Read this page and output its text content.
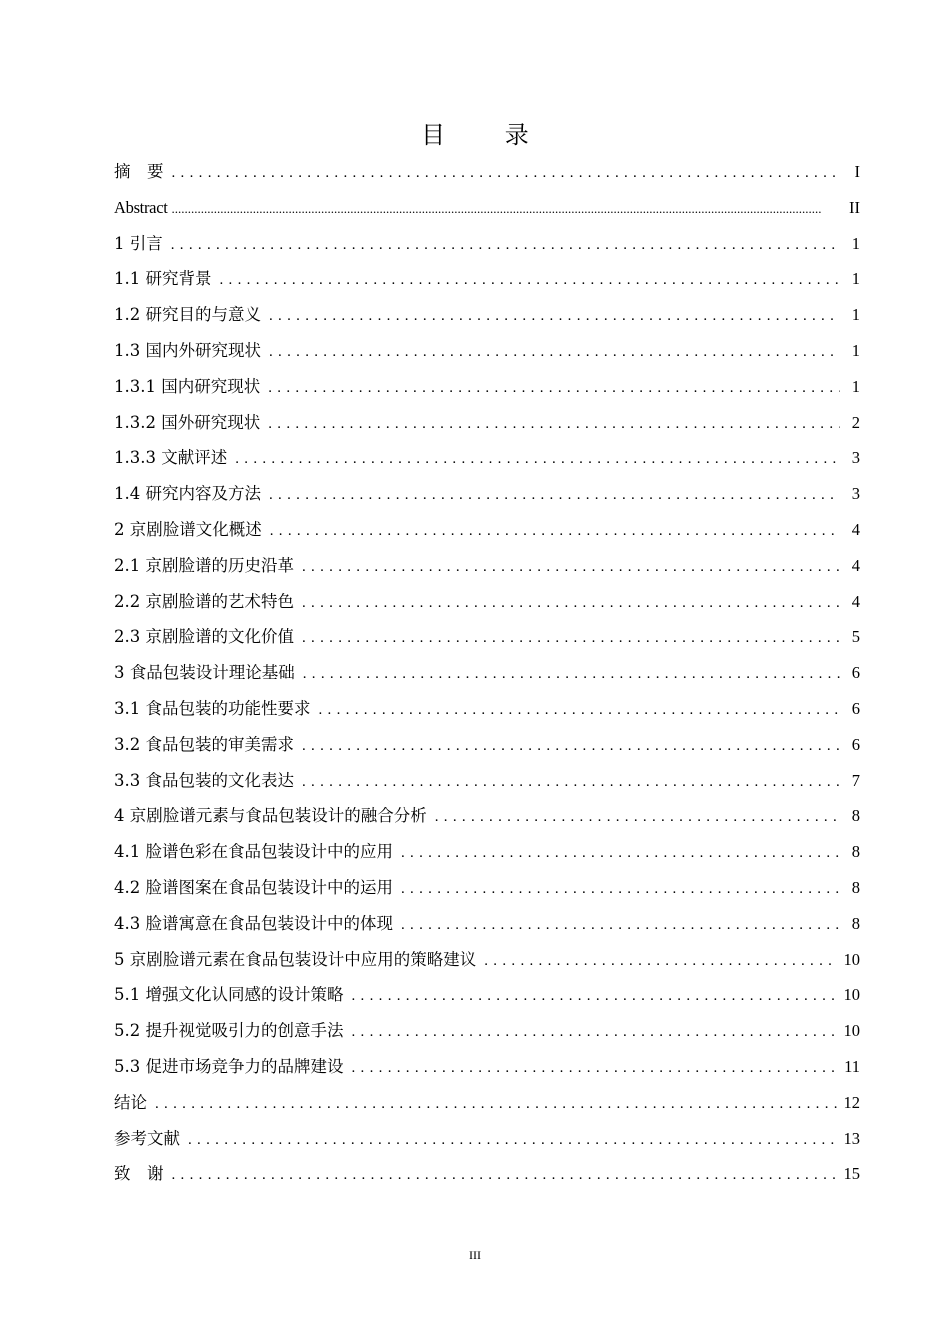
目 录
摘　要 .....	I
Abstract .....	II
1 引言 .....	1
1.1 研究背景 .....	1
1.2 研究目的与意义 .....	1
1.3 国内外研究现状 .....	1
1.3.1 国内研究现状 .....	1
1.3.2 国外研究现状 .....	2
1.3.3 文献评述 .....	3
1.4 研究内容及方法 .....	3
2 京剧脸谱文化概述 .....	4
2.1 京剧脸谱的历史沿革 .....	4
2.2 京剧脸谱的艺术特色 .....	4
2.3 京剧脸谱的文化价值 .....	5
3 食品包装设计理论基础 .....	6
3.1 食品包装的功能性要求 .....	6
3.2 食品包装的审美需求 .....	6
3.3 食品包装的文化表达 .....	7
4 京剧脸谱元素与食品包装设计的融合分析 .....	8
4.1 脸谱色彩在食品包装设计中的应用 .....	8
4.2 脸谱图案在食品包装设计中的运用 .....	8
4.3 脸谱寓意在食品包装设计中的体现 .....	8
5 京剧脸谱元素在食品包装设计中应用的策略建议 .....	10
5.1 增强文化认同感的设计策略 .....	10
5.2 提升视觉吸引力的创意手法 .....	10
5.3 促进市场竞争力的品牌建设 .....	11
结论 .....	12
参考文献 .....	13
致　谢 .....	15
III
